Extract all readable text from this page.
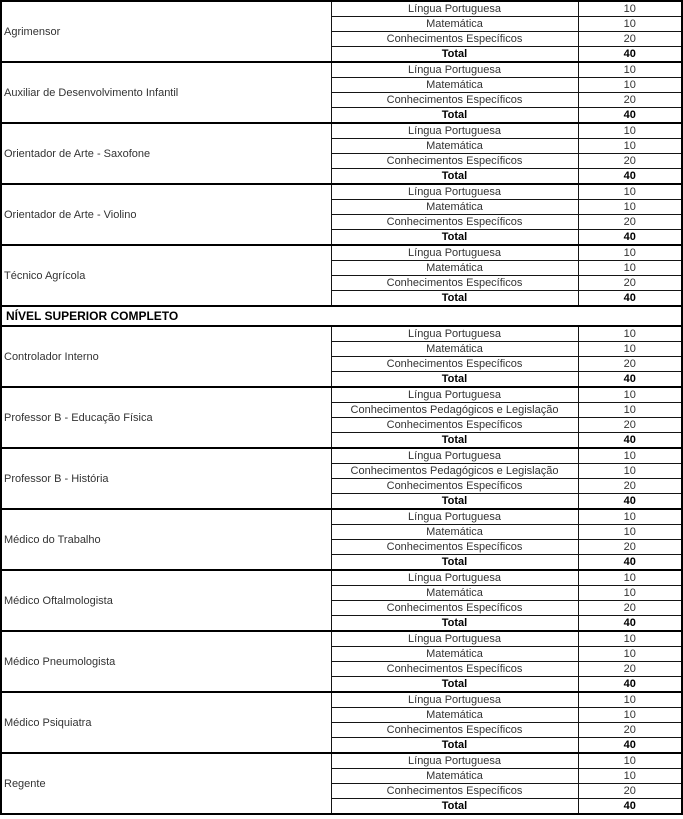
Agrimensor	Língua Portuguesa	10
	Matemática	10
	Conhecimentos Específicos	20
	Total	40
Auxiliar de Desenvolvimento Infantil	Língua Portuguesa	10
	Matemática	10
	Conhecimentos Específicos	20
	Total	40
Orientador de Arte - Saxofone	Língua Portuguesa	10
	Matemática	10
	Conhecimentos Específicos	20
	Total	40
Orientador de Arte - Violino	Língua Portuguesa	10
	Matemática	10
	Conhecimentos Específicos	20
	Total	40
Técnico Agrícola	Língua Portuguesa	10
	Matemática	10
	Conhecimentos Específicos	20
	Total	40
NÍVEL SUPERIOR COMPLETO		
Controlador Interno	Língua Portuguesa	10
	Matemática	10
	Conhecimentos Específicos	20
	Total	40
Professor B - Educação Física	Língua Portuguesa	10
	Conhecimentos Pedagógicos e Legislação	10
	Conhecimentos Específicos	20
	Total	40
Professor B - História	Língua Portuguesa	10
	Conhecimentos Pedagógicos e Legislação	10
	Conhecimentos Específicos	20
	Total	40
Médico do Trabalho	Língua Portuguesa	10
	Matemática	10
	Conhecimentos Específicos	20
	Total	40
Médico Oftalmologista	Língua Portuguesa	10
	Matemática	10
	Conhecimentos Específicos	20
	Total	40
Médico Pneumologista	Língua Portuguesa	10
	Matemática	10
	Conhecimentos Específicos	20
	Total	40
Médico Psiquiatra	Língua Portuguesa	10
	Matemática	10
	Conhecimentos Específicos	20
	Total	40
Regente	Língua Portuguesa	10
	Matemática	10
	Conhecimentos Específicos	20
	Total	40
